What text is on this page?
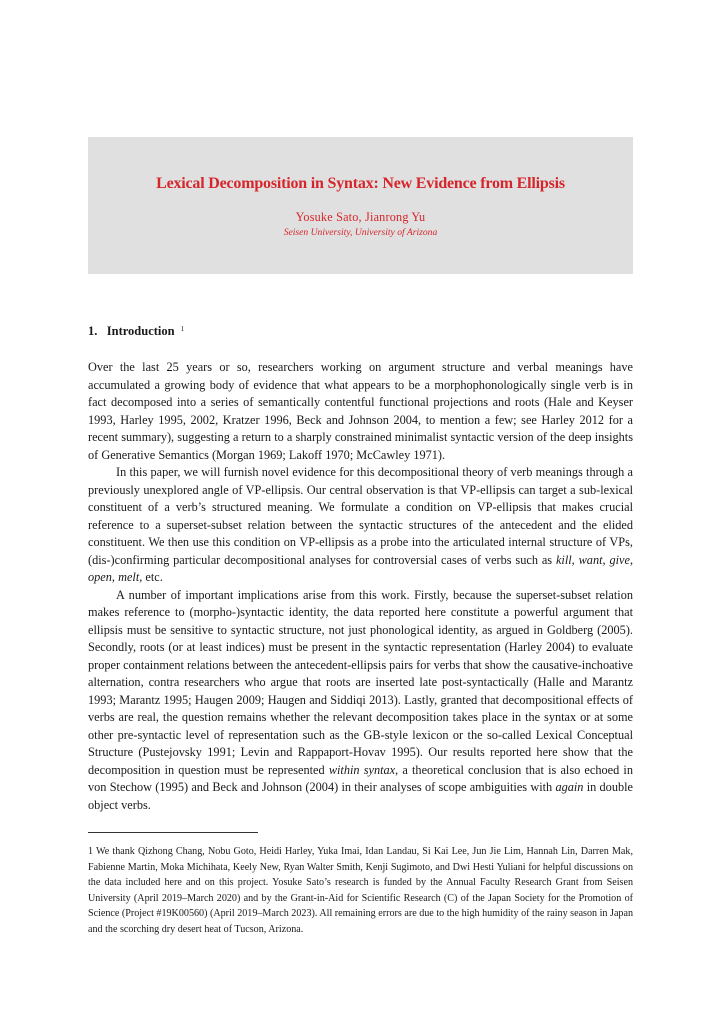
Lexical Decomposition in Syntax: New Evidence from Ellipsis
Yosuke Sato, Jianrong Yu
Seisen University, University of Arizona
1.   Introduction $^1$

Over the last 25 years or so, researchers working on argument structure and verbal meanings have accumulated a growing body of evidence that what appears to be a morphophonologically single verb is in fact decomposed into a series of semantically contentful functional projections and roots (Hale and Keyser 1993, Harley 1995, 2002, Kratzer 1996, Beck and Johnson 2004, to mention a few; see Harley 2012 for a recent summary), suggesting a return to a sharply constrained minimalist syntactic version of the deep insights of Generative Semantics (Morgan 1969; Lakoff 1970; McCawley 1971).

In this paper, we will furnish novel evidence for this decompositional theory of verb meanings through a previously unexplored angle of VP-ellipsis. Our central observation is that VP-ellipsis can target a sub-lexical constituent of a verb’s structured meaning. We formulate a condition on VP-ellipsis that makes crucial reference to a superset-subset relation between the syntactic structures of the antecedent and the elided constituent. We then use this condition on VP-ellipsis as a probe into the articulated internal structure of VPs, (dis-)confirming particular decompositional analyses for controversial cases of verbs such as kill, want, give, open, melt, etc.

A number of important implications arise from this work. Firstly, because the superset-subset relation makes reference to (morpho-)syntactic identity, the data reported here constitute a powerful argument that ellipsis must be sensitive to syntactic structure, not just phonological identity, as argued in Goldberg (2005). Secondly, roots (or at least indices) must be present in the syntactic representation (Harley 2004) to evaluate proper containment relations between the antecedent-ellipsis pairs for verbs that show the causative-inchoative alternation, contra researchers who argue that roots are inserted late post-syntactically (Halle and Marantz 1993; Marantz 1995; Haugen 2009; Haugen and Siddiqi 2013). Lastly, granted that decompositional effects of verbs are real, the question remains whether the relevant decomposition takes place in the syntax or at some other pre-syntactic level of representation such as the GB-style lexicon or the so-called Lexical Conceptual Structure (Pustejovsky 1991; Levin and Rappaport-Hovav 1995). Our results reported here show that the decomposition in question must be represented within syntax, a theoretical conclusion that is also echoed in von Stechow (1995) and Beck and Johnson (2004) in their analyses of scope ambiguities with again in double object verbs.

1 We thank Qizhong Chang, Nobu Goto, Heidi Harley, Yuka Imai, Idan Landau, Si Kai Lee, Jun Jie Lim, Hannah Lin, Darren Mak, Fabienne Martin, Moka Michihata, Keely New, Ryan Walter Smith, Kenji Sugimoto, and Dwi Hesti Yuliani for helpful discussions on the data included here and on this project. Yosuke Sato’s research is funded by the Annual Faculty Research Grant from Seisen University (April 2019–March 2020) and by the Grant-in-Aid for Scientific Research (C) of the Japan Society for the Promotion of Science (Project #19K00560) (April 2019–March 2023). All remaining errors are due to the high humidity of the rainy season in Japan and the scorching dry desert heat of Tucson, Arizona.
